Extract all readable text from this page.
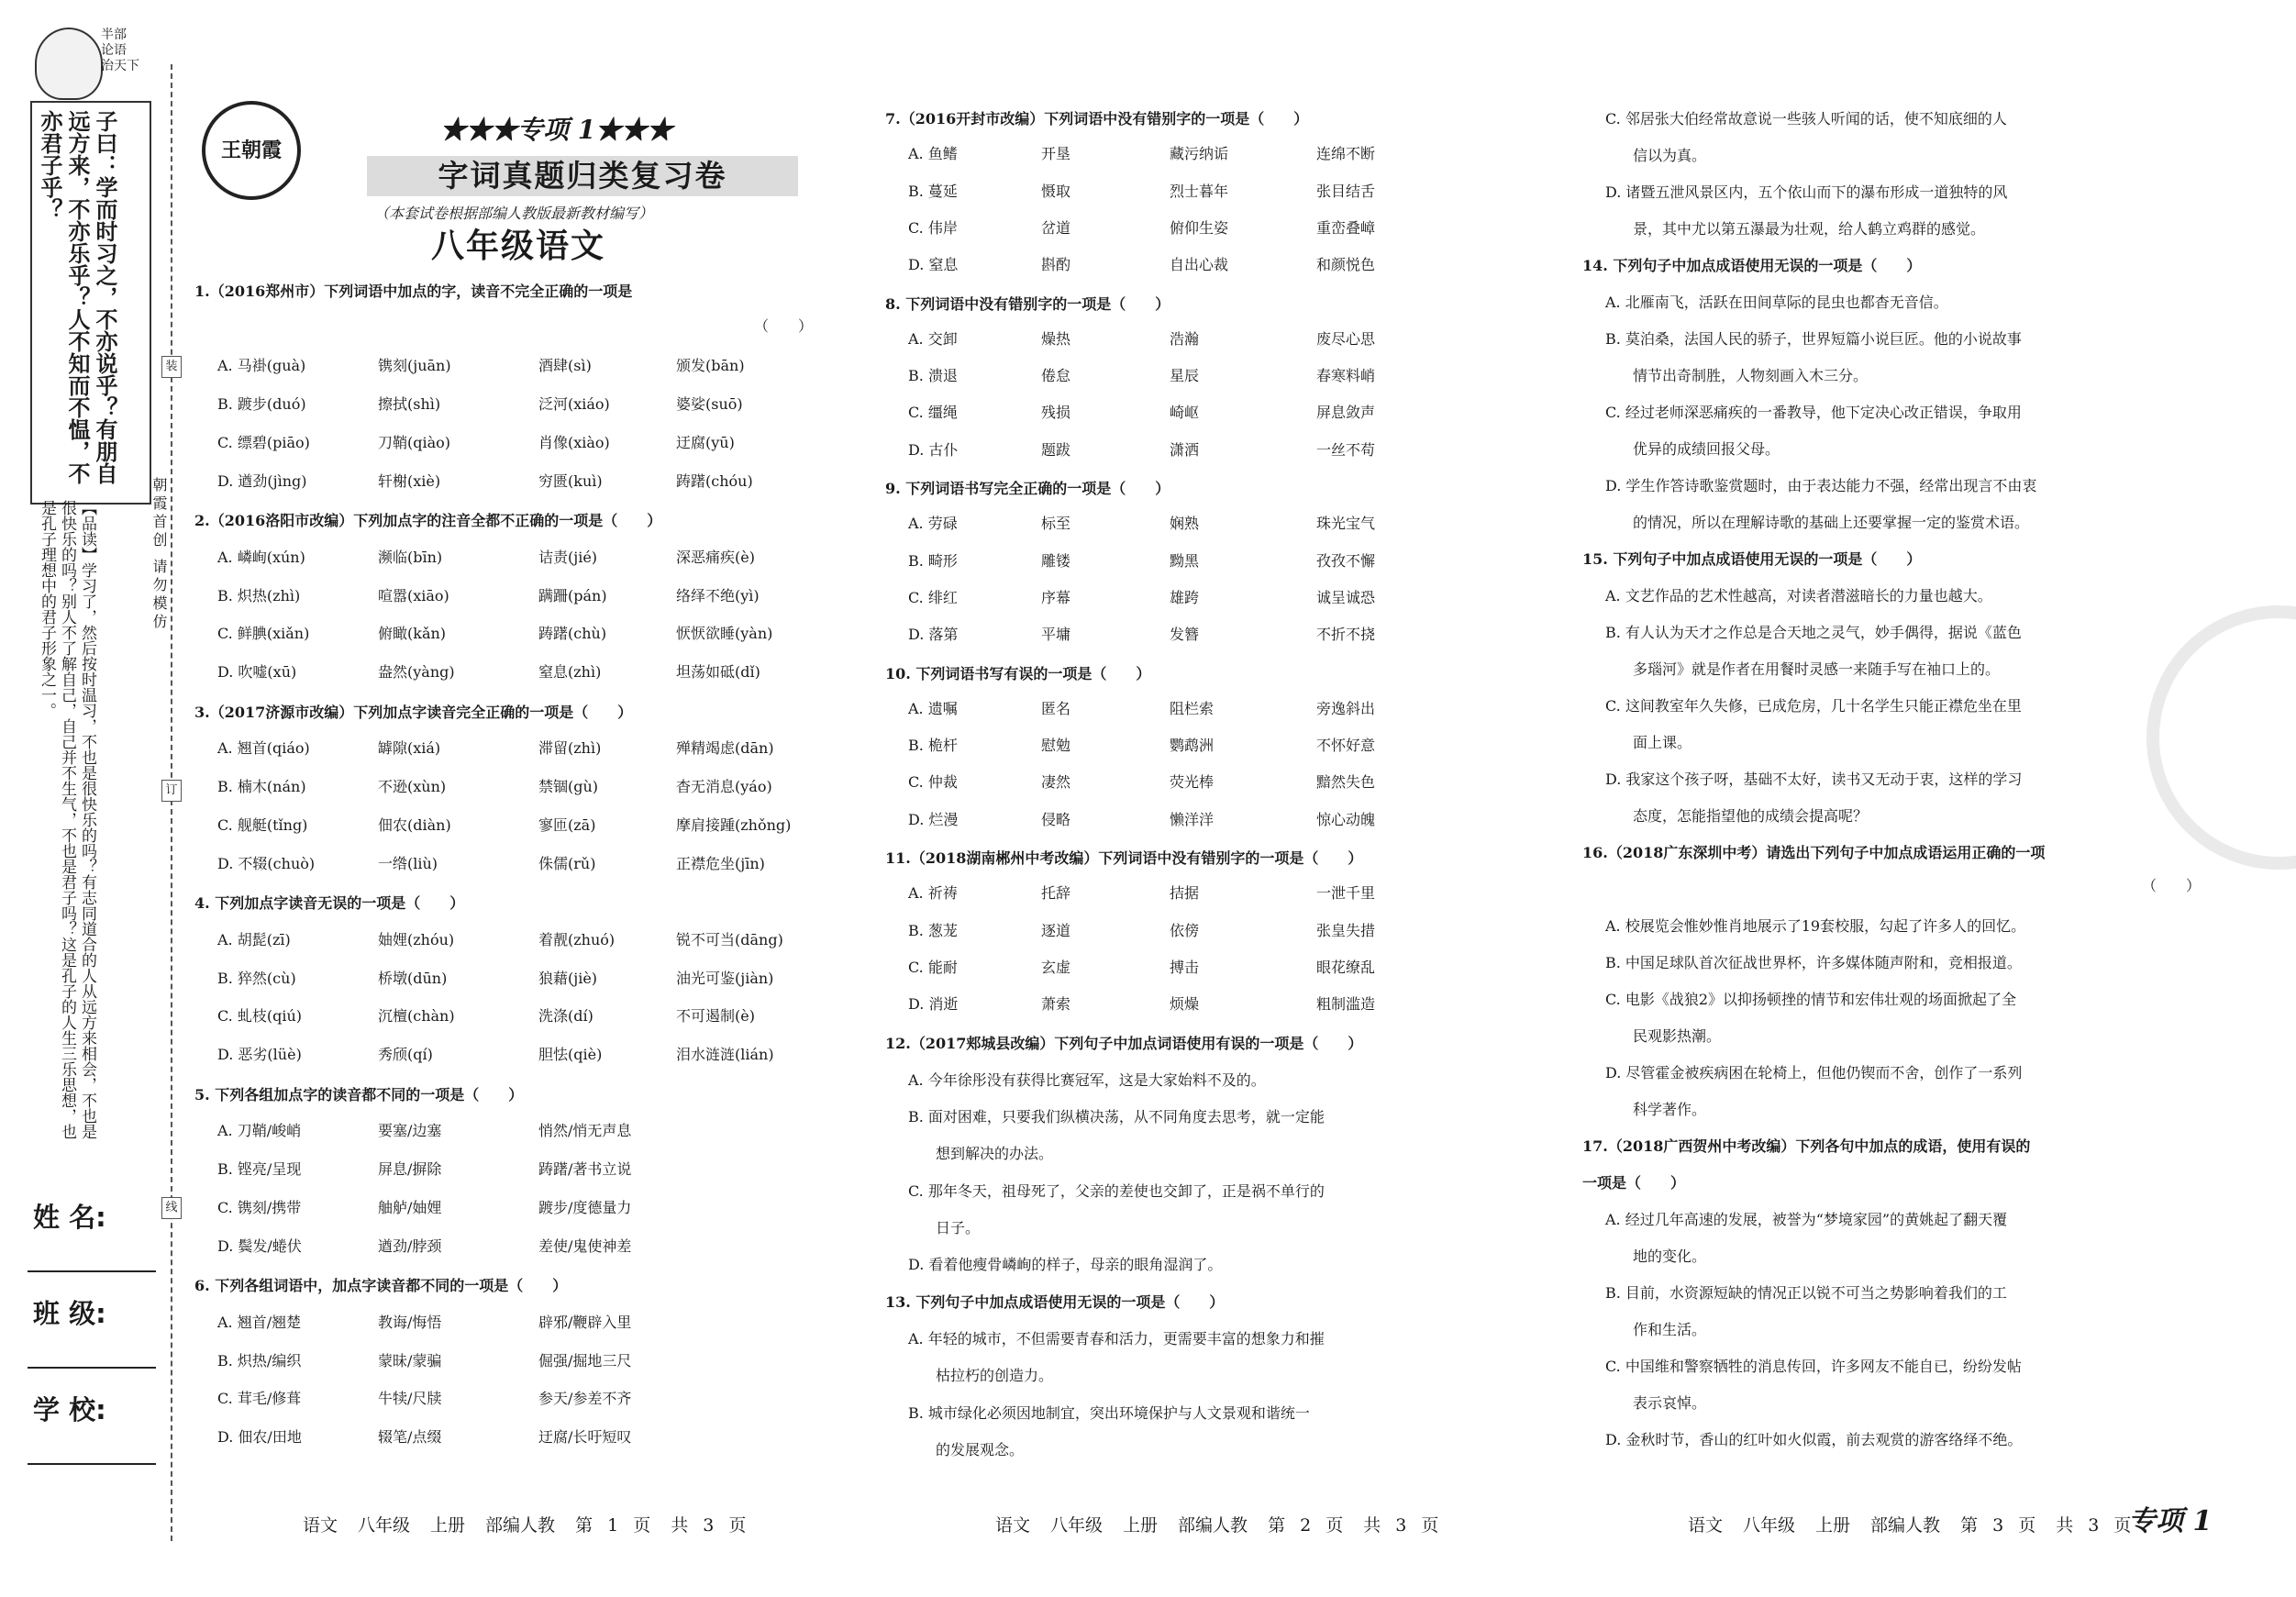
半部
论语
治天下
子曰：学而时习之，不亦说乎？有朋自远方来，不亦乐乎？人不知而不愠，不亦君子乎？
【品读】学习了，然后按时温习，不也是很快乐的吗？有志同道合的人从远方来相会，不也是很快乐的吗？别人不了解自己，自己并不生气，不也是君子吗？这是孔子的人生三乐思想，也是孔子理想中的君子形象之一。
姓 名:
班 级:
学 校:
装
订
线
朝霞首创 请勿模仿
王朝霞
★★★专项 1★★★
字词真题归类复习卷
（本套试卷根据部编人教版最新教材编写）
八年级语文
1.（2016郑州市）下列词语中加点的字，读音不完全正确的一项是
（　　）
A. 马褂(guà)	镌刻(juān)	酒肆(sì)	颁发(bān)
B. 踱步(duó)	擦拭(shì)	泛河(xiáo)	婆娑(suō)
C. 缥碧(piāo)	刀鞘(qiào)	肖像(xiào)	迂腐(yū)
D. 遒劲(jìng)	轩榭(xiè)	穷匮(kuì)	踌躇(chóu)
2.（2016洛阳市改编）下列加点字的注音全都不正确的一项是（　　）
A. 嶙峋(xún)	濒临(bīn)	诘责(jié)	深恶痛疾(è)
B. 炽热(zhì)	喧嚣(xiāo)	蹒跚(pán)	络绎不绝(yì)
C. 鲜腆(xiǎn)	俯瞰(kǎn)	踌躇(chù)	恹恹欲睡(yàn)
D. 吹嘘(xū)	盎然(yàng)	窒息(zhì)	坦荡如砥(dǐ)
3.（2017济源市改编）下列加点字读音完全正确的一项是（　　）
A. 翘首(qiáo)	罅隙(xiá)	滞留(zhì)	殚精竭虑(dān)
B. 楠木(nán)	不逊(xùn)	禁锢(gù)	杳无消息(yáo)
C. 舰艇(tǐng)	佃农(diàn)	寥匝(zā)	摩肩接踵(zhǒng)
D. 不辍(chuò)	一绺(liù)	侏儒(rǔ)	正襟危坐(jīn)
4. 下列加点字读音无误的一项是（　　）
A. 胡髭(zī)	妯娌(zhóu)	着靓(zhuó)	锐不可当(dāng)
B. 猝然(cù)	桥墩(dūn)	狼藉(jiè)	油光可鉴(jiàn)
C. 虬枝(qiú)	沉檀(chàn)	洗涤(dí)	不可遏制(è)
D. 恶劣(lüè)	秀颀(qí)	胆怯(qiè)	泪水涟涟(lián)
5. 下列各组加点字的读音都不同的一项是（　　）
A. 刀鞘/峻峭	要塞/边塞	悄然/悄无声息
B. 铿亮/呈现	屏息/摒除	踌躇/著书立说
C. 镌刻/携带	舳舻/妯娌	踱步/度德量力
D. 鬓发/蜷伏	遒劲/脖颈	差使/鬼使神差
6. 下列各组词语中，加点字读音都不同的一项是（　　）
A. 翘首/翘楚	教诲/悔悟	辟邪/鞭辟入里
B. 炽热/编织	蒙昧/蒙骗	倔强/掘地三尺
C. 茸毛/修葺	牛犊/尺牍	参天/参差不齐
D. 佃农/田地	辍笔/点缀	迂腐/长吁短叹
7.（2016开封市改编）下列词语中没有错别字的一项是（　　）
A. 鱼鳍	开垦	藏污纳诟	连绵不断
B. 蔓延	慑取	烈士暮年	张目结舌
C. 伟岸	岔道	俯仰生姿	重峦叠嶂
D. 窒息	斟酌	自出心裁	和颜悦色
8. 下列词语中没有错别字的一项是（　　）
A. 交卸	燥热	浩瀚	废尽心思
B. 溃退	倦怠	星辰	春寒料峭
C. 缰绳	残损	崎岖	屏息敛声
D. 古仆	题跋	潇洒	一丝不苟
9. 下列词语书写完全正确的一项是（　　）
A. 劳碌	标至	娴熟	珠光宝气
B. 畸形	雕镂	黝黑	孜孜不懈
C. 绯红	序幕	雄跨	诚呈诚恐
D. 落第	平墉	发簪	不折不挠
10. 下列词语书写有误的一项是（　　）
A. 遗嘱	匿名	阻栏索	旁逸斜出
B. 桅杆	慰勉	鹦鹉洲	不怀好意
C. 仲裁	凄然	荧光棒	黯然失色
D. 烂漫	侵略	懒洋洋	惊心动魄
11.（2018湖南郴州中考改编）下列词语中没有错别字的一项是（　　）
A. 祈祷	托辞	拮据	一泄千里
B. 葱茏	逐道	依傍	张皇失措
C. 能耐	玄虚	搏击	眼花缭乱
D. 消逝	萧索	烦燥	粗制滥造
12.（2017郏城县改编）下列句子中加点词语使用有误的一项是（　　）
A. 今年徐彤没有获得比赛冠军，这是大家始料不及的。
B. 面对困难，只要我们纵横决荡，从不同角度去思考，就一定能
想到解决的办法。
C. 那年冬天，祖母死了，父亲的差使也交卸了，正是祸不单行的
日子。
D. 看着他瘦骨嶙峋的样子，母亲的眼角湿润了。
13. 下列句子中加点成语使用无误的一项是（　　）
A. 年轻的城市，不但需要青春和活力，更需要丰富的想象力和摧
枯拉朽的创造力。
B. 城市绿化必须因地制宜，突出环境保护与人文景观和谐统一
的发展观念。
C. 邻居张大伯经常故意说一些骇人听闻的话，使不知底细的人
信以为真。
D. 诸暨五泄风景区内，五个依山而下的瀑布形成一道独特的风
景，其中尤以第五瀑最为壮观，给人鹤立鸡群的感觉。
14. 下列句子中加点成语使用无误的一项是（　　）
A. 北雁南飞，活跃在田间草际的昆虫也都杳无音信。
B. 莫泊桑，法国人民的骄子，世界短篇小说巨匠。他的小说故事
情节出奇制胜，人物刻画入木三分。
C. 经过老师深恶痛疾的一番教导，他下定决心改正错误，争取用
优异的成绩回报父母。
D. 学生作答诗歌鉴赏题时，由于表达能力不强，经常出现言不由衷
的情况，所以在理解诗歌的基础上还要掌握一定的鉴赏术语。
15. 下列句子中加点成语使用无误的一项是（　　）
A. 文艺作品的艺术性越高，对读者潜滋暗长的力量也越大。
B. 有人认为天才之作总是合天地之灵气，妙手偶得，据说《蓝色
多瑙河》就是作者在用餐时灵感一来随手写在袖口上的。
C. 这间教室年久失修，已成危房，几十名学生只能正襟危坐在里
面上课。
D. 我家这个孩子呀，基础不太好，读书又无动于衷，这样的学习
态度，怎能指望他的成绩会提高呢？
16.（2018广东深圳中考）请选出下列句子中加点成语运用正确的一项
（　　）
A. 校展览会惟妙惟肖地展示了19套校服，勾起了许多人的回忆。
B. 中国足球队首次征战世界杯，许多媒体随声附和，竞相报道。
C. 电影《战狼2》以抑扬顿挫的情节和宏伟壮观的场面掀起了全
民观影热潮。
D. 尽管霍金被疾病困在轮椅上，但他仍锲而不舍，创作了一系列
科学著作。
17.（2018广西贺州中考改编）下列各句中加点的成语，使用有误的
一项是（　　）
A. 经过几年高速的发展，被誉为“梦境家园”的黄姚起了翻天覆
地的变化。
B. 目前，水资源短缺的情况正以锐不可当之势影响着我们的工
作和生活。
C. 中国维和警察牺牲的消息传回，许多网友不能自已，纷纷发帖
表示哀悼。
D. 金秋时节，香山的红叶如火似霞，前去观赏的游客络绎不绝。
语文 八年级 上册 部编人教 第 1 页 共 3 页	语文 八年级 上册 部编人教 第 2 页 共 3 页	语文 八年级 上册 部编人教 第 3 页 共 3 页
专项 1
